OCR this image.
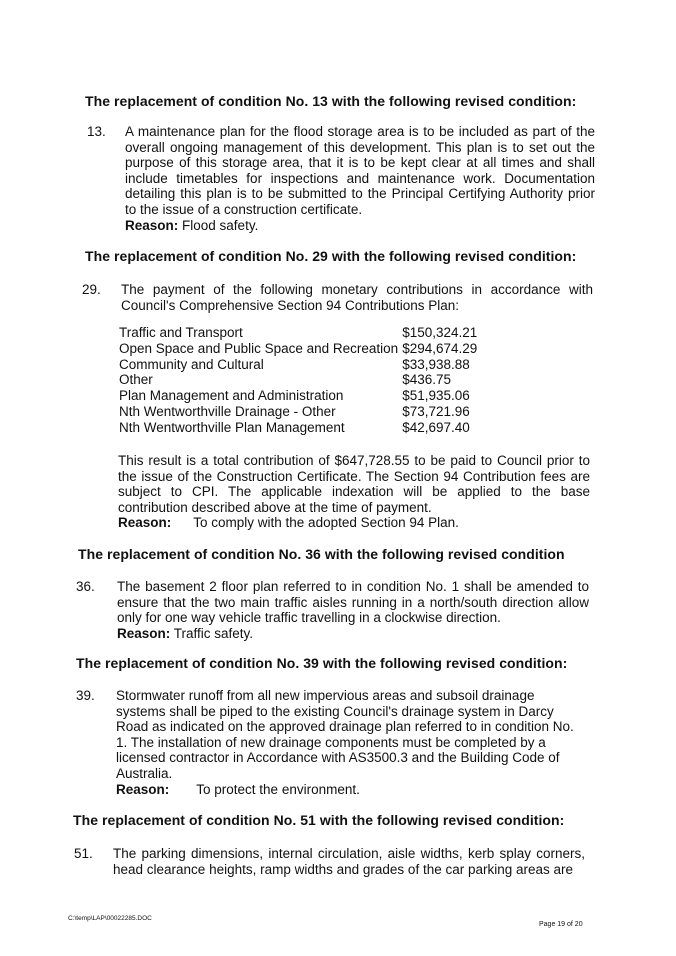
The replacement of condition No. 13 with the following revised condition:
13. A maintenance plan for the flood storage area is to be included as part of the
overall ongoing management of this development. This plan is to set out the
purpose of this storage area, that it is to be kept clear at all times and shall
include timetables for inspections and maintenance work. Documentation
detailing this plan is to be submitted to the Principal Certifying Authority prior
to the issue of a construction certificate.
Reason: Flood safety.
The replacement of condition No. 29 with the following revised condition:
29. The payment of the following monetary contributions in accordance with
Council's Comprehensive Section 94 Contributions Plan:
Traffic and Transport	$150,324.21
Open Space and Public Space and Recreation	$294,674.29
Community and Cultural	$33,938.88
Other	$436.75
Plan Management and Administration	$51,935.06
Nth Wentworthville Drainage - Other	$73,721.96
Nth Wentworthville Plan Management	$42,697.40
This result is a total contribution of $647,728.55 to be paid to Council prior to
the issue of the Construction Certificate. The Section 94 Contribution fees are
subject to CPI. The applicable indexation will be applied to the base
contribution described above at the time of payment.
Reason: To comply with the adopted Section 94 Plan.
The replacement of condition No. 36 with the following revised condition
36. The basement 2 floor plan referred to in condition No. 1 shall be amended to
ensure that the two main traffic aisles running in a north/south direction allow
only for one way vehicle traffic travelling in a clockwise direction.
Reason: Traffic safety.
The replacement of condition No. 39 with the following revised condition:
39. Stormwater runoff from all new impervious areas and subsoil drainage
systems shall be piped to the existing Council's drainage system in Darcy
Road as indicated on the approved drainage plan referred to in condition No.
1. The installation of new drainage components must be completed by a
licensed contractor in Accordance with AS3500.3 and the Building Code of
Australia.
Reason: To protect the environment.
The replacement of condition No. 51 with the following revised condition:
51. The parking dimensions, internal circulation, aisle widths, kerb splay corners,
head clearance heights, ramp widths and grades of the car parking areas are
C:\temp\LAP\00022285.DOC
Page 19 of 20
